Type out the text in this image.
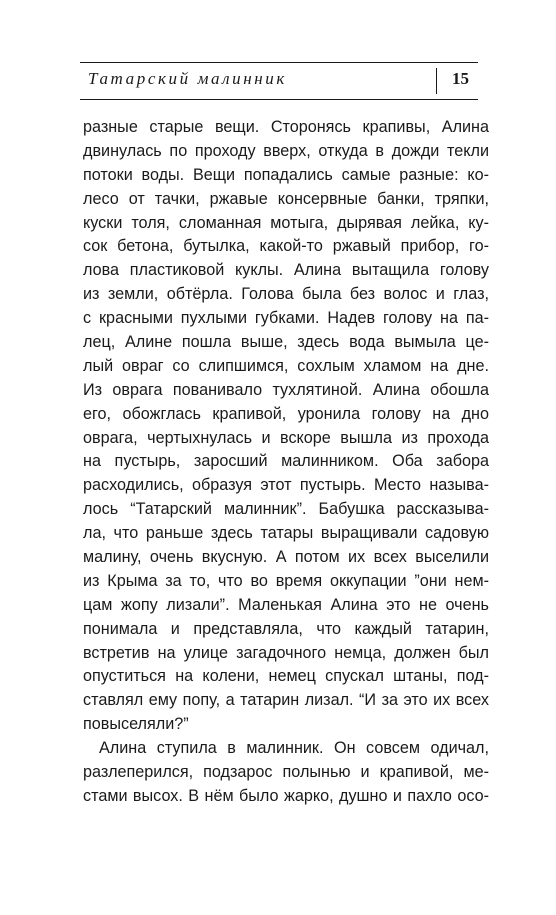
Татарский малинник	15
разные старые вещи. Сторонясь крапивы, Алина
двинулась по проходу вверх, откуда в дожди текли
потоки воды. Вещи попадались самые разные: ко-
лесо от тачки, ржавые консервные банки, тряпки,
куски толя, сломанная мотыга, дырявая лейка, ку-
сок бетона, бутылка, какой-то ржавый прибор, го-
лова пластиковой куклы. Алина вытащила голову
из земли, обтёрла. Голова была без волос и глаз,
с красными пухлыми губками. Надев голову на па-
лец, Алине пошла выше, здесь вода вымыла це-
лый овраг со слипшимся, сохлым хламом на дне.
Из оврага пованивало тухлятиной. Алина обошла
его, обожглась крапивой, уронила голову на дно
оврага, чертыхнулась и вскоре вышла из прохода
на пустырь, заросший малинником. Оба забора
расходились, образуя этот пустырь. Место называ-
лось “Татарский малинник”. Бабушка рассказыва-
ла, что раньше здесь татары выращивали садовую
малину, очень вкусную. А потом их всех выселили
из Крыма за то, что во время оккупации ”они нем-
цам жопу лизали”. Маленькая Алина это не очень
понимала и представляла, что каждый татарин,
встретив на улице загадочного немца, должен был
опуститься на колени, немец спускал штаны, под-
ставлял ему попу, а татарин лизал. “И за это их всех
повыселяли?”
Алина ступила в малинник. Он совсем одичал,
разлеперился, подзарос полынью и крапивой, ме-
стами высох. В нём было жарко, душно и пахло осо-
